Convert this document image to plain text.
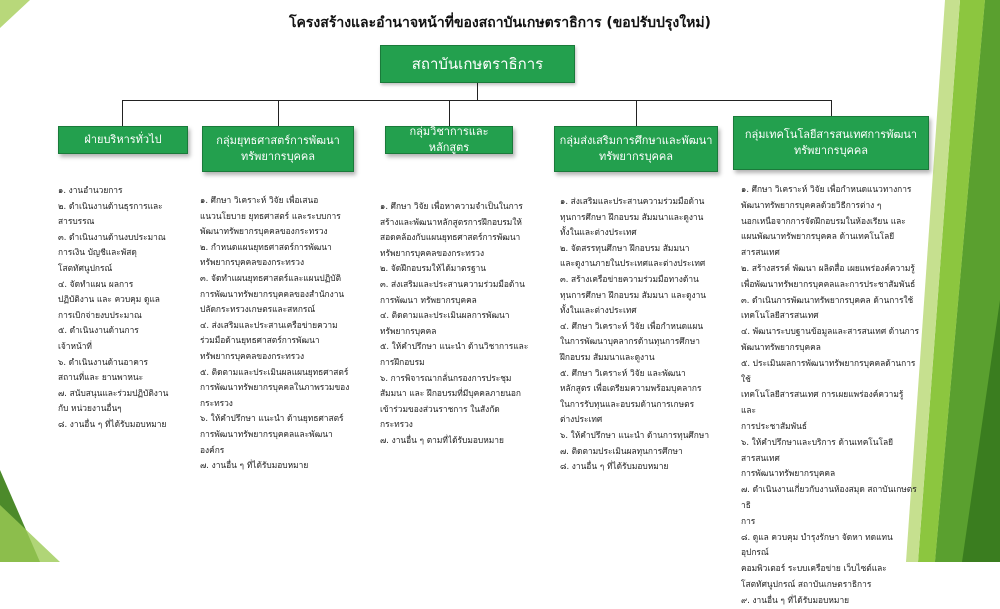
โครงสร้างและอำนาจหน้าที่ของสถาบันเกษตราธิการ (ขอปรับปรุงใหม่)
สถาบันเกษตราธิการ
ฝ่ายบริหารทั่วไป	กลุ่มยุทธศาสตร์การพัฒนาทรัพยากรบุคคล
กลุ่มวิชาการและหลักสูตร
กลุ่มส่งเสริมการศึกษาและพัฒนาทรัพยากรบุคคล
กลุ่มเทคโนโลยีสารสนเทศการพัฒนาทรัพยากรบุคคล
๑. งานอำนวยการ
๒. ดำเนินงานด้านธุรการและ
สารบรรณ
๓. ดำเนินงานด้านงบประมาณ
การเงิน บัญชีและพัสดุ
โสตทัศนูปกรณ์
๔. จัดทำแผน ผลการ
ปฏิบัติงาน และ ควบคุม ดูแล
การเบิกจ่ายงบประมาณ
๕. ดำเนินงานด้านการ
เจ้าหน้าที่
๖. ดำเนินงานด้านอาคาร
สถานที่และ ยานพาหนะ
๗. สนับสนุนและร่วมปฏิบัติงาน
กับ หน่วยงานอื่นๆ
๘. งานอื่น ๆ ที่ได้รับมอบหมาย
๑. ศึกษา วิเคราะห์ วิจัย เพื่อเสนอ
แนวนโยบาย ยุทธศาสตร์ และระบบการ
พัฒนาทรัพยากรบุคคลของกระทรวง
๒. กำหนดแผนยุทธศาสตร์การพัฒนา
ทรัพยากรบุคคลของกระทรวง
๓. จัดทำแผนยุทธศาสตร์และแผนปฏิบัติ
การพัฒนาทรัพยากรบุคคลของสำนักงาน
ปลัดกระทรวงเกษตรและสหกรณ์
๔. ส่งเสริมและประสานเครือข่ายความ
ร่วมมือด้านยุทธศาสตร์การพัฒนา
ทรัพยากรบุคคลของกระทรวง
๕. ติดตามและประเมินผลแผนยุทธศาสตร์
การพัฒนาทรัพยากรบุคคลในภาพรวมของ
กระทรวง
๖. ให้คำปรึกษา แนะนำ ด้านยุทธศาสตร์
การพัฒนาทรัพยากรบุคคลและพัฒนา
องค์กร
๗. งานอื่น ๆ ที่ได้รับมอบหมาย
๑. ศึกษา วิจัย เพื่อหาความจำเป็นในการ
สร้างและพัฒนาหลักสูตรการฝึกอบรมให้
สอดคล้องกับแผนยุทธศาสตร์การพัฒนา
ทรัพยากรบุคคลของกระทรวง
๒. จัดฝึกอบรมให้ได้มาตรฐาน
๓. ส่งเสริมและประสานความร่วมมือด้าน
การพัฒนา ทรัพยากรบุคคล
๔. ติดตามและประเมินผลการพัฒนา
ทรัพยากรบุคคล
๕. ให้คำปรึกษา แนะนำ ด้านวิชาการและ
การฝึกอบรม
๖. การพิจารณากลั่นกรองการประชุม
สัมมนา และ ฝึกอบรมที่มีบุคคลภายนอก
เข้าร่วมของส่วนราชการ ในสังกัด
กระทรวง
๗. งานอื่น ๆ ตามที่ได้รับมอบหมาย
๑. ส่งเสริมและประสานความร่วมมือด้าน
ทุนการศึกษา ฝึกอบรม สัมมนาและดูงาน
ทั้งในและต่างประเทศ
๒. จัดสรรทุนศึกษา ฝึกอบรม สัมมนา
และดูงานภายในประเทศและต่างประเทศ
๓. สร้างเครือข่ายความร่วมมือทางด้าน
ทุนการศึกษา ฝึกอบรม สัมมนา และดูงาน
ทั้งในและต่างประเทศ
๔. ศึกษา วิเคราะห์ วิจัย เพื่อกำหนดแผน
ในการพัฒนาบุคลากรด้านทุนการศึกษา
ฝึกอบรม สัมมนาและดูงาน
๕. ศึกษา วิเคราะห์ วิจัย และพัฒนา
หลักสูตร เพื่อเตรียมความพร้อมบุคลากร
ในการรับทุนและอบรมด้านการเกษตร
ต่างประเทศ
๖. ให้คำปรึกษา แนะนำ ด้านการทุนศึกษา
๗. ติดตามประเมินผลทุนการศึกษา
๘. งานอื่น ๆ ที่ได้รับมอบหมาย
๑. ศึกษา วิเคราะห์ วิจัย เพื่อกำหนดแนวทางการ
พัฒนาทรัพยากรบุคคลด้วยวิธีการต่าง ๆ
นอกเหนือจากการจัดฝึกอบรมในห้องเรียน และ
แผนพัฒนาทรัพยากรบุคคล ด้านเทคโนโลยี
สารสนเทศ
๒. สร้างสรรค์ พัฒนา ผลิตสื่อ เผยแพร่องค์ความรู้
เพื่อพัฒนาทรัพยากรบุคคลและการประชาสัมพันธ์
๓. ดำเนินการพัฒนาทรัพยากรบุคคล ด้านการใช้
เทคโนโลยีสารสนเทศ
๔. พัฒนาระบบฐานข้อมูลและสารสนเทศ ด้านการ
พัฒนาทรัพยากรบุคคล
๕. ประเมินผลการพัฒนาทรัพยากรบุคคลด้านการใช้
เทคโนโลยีสารสนเทศ การเผยแพร่องค์ความรู้ และ
การประชาสัมพันธ์
๖. ให้คำปรึกษาและบริการ ด้านเทคโนโลยีสารสนเทศ
การพัฒนาทรัพยากรบุคคล
๗. ดำเนินงานเกี่ยวกับงานห้องสมุด สถาบันเกษตราธิ
การ
๘. ดูแล ควบคุม บำรุงรักษา จัดหา ทดแทน อุปกรณ์
คอมพิวเตอร์ ระบบเครือข่าย เว็บไซต์และ
โสตทัศนูปกรณ์ สถาบันเกษตราธิการ
๙. งานอื่น ๆ ที่ได้รับมอบหมาย
